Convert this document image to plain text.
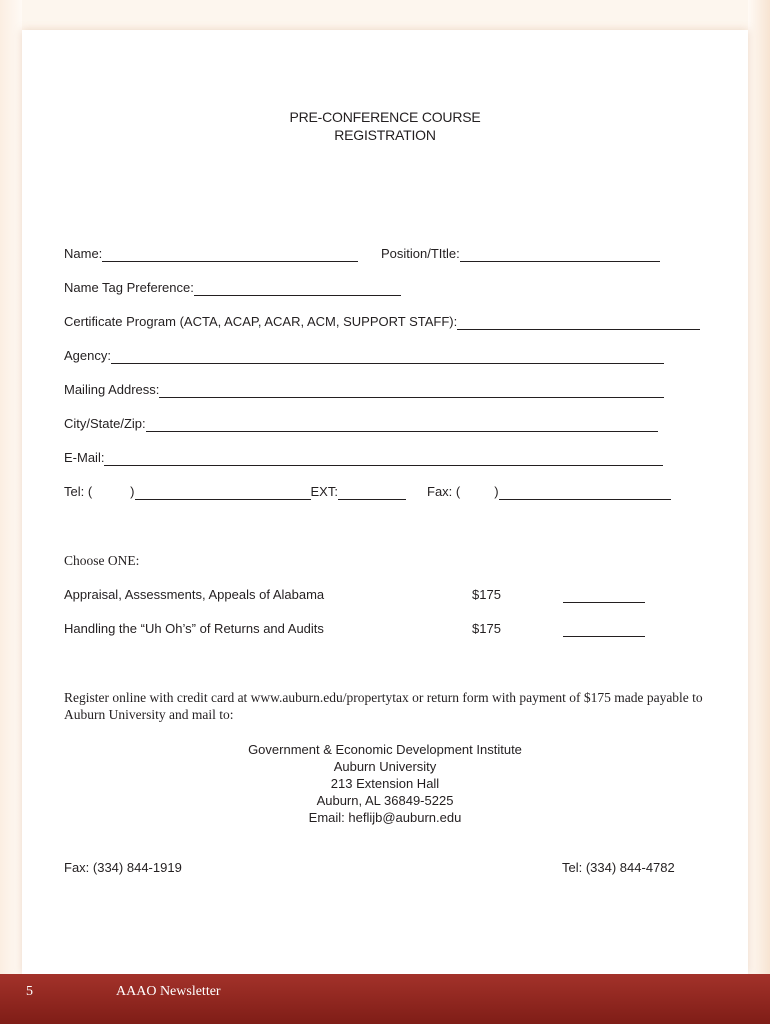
PRE-CONFERENCE COURSE
REGISTRATION
Name:	Position/TItle:
Name Tag Preference:
Certificate Program (ACTA, ACAP, ACAR, ACM, SUPPORT STAFF):
Agency:
Mailing Address:
City/State/Zip:
E-Mail:
Tel: (	)	EXT:	Fax: (	)
Choose ONE:
Appraisal, Assessments, Appeals of Alabama	$175
Handling the “Uh Oh’s” of Returns and Audits	$175
Register online with credit card at www.auburn.edu/propertytax or return form with payment of $175 made payable to Auburn University and mail to:
Government & Economic Development Institute
Auburn University
213 Extension Hall
Auburn, AL 36849-5225
Email: heflijb@auburn.edu
Fax: (334) 844-1919	Tel: (334) 844-4782
5	AAAO Newsletter
